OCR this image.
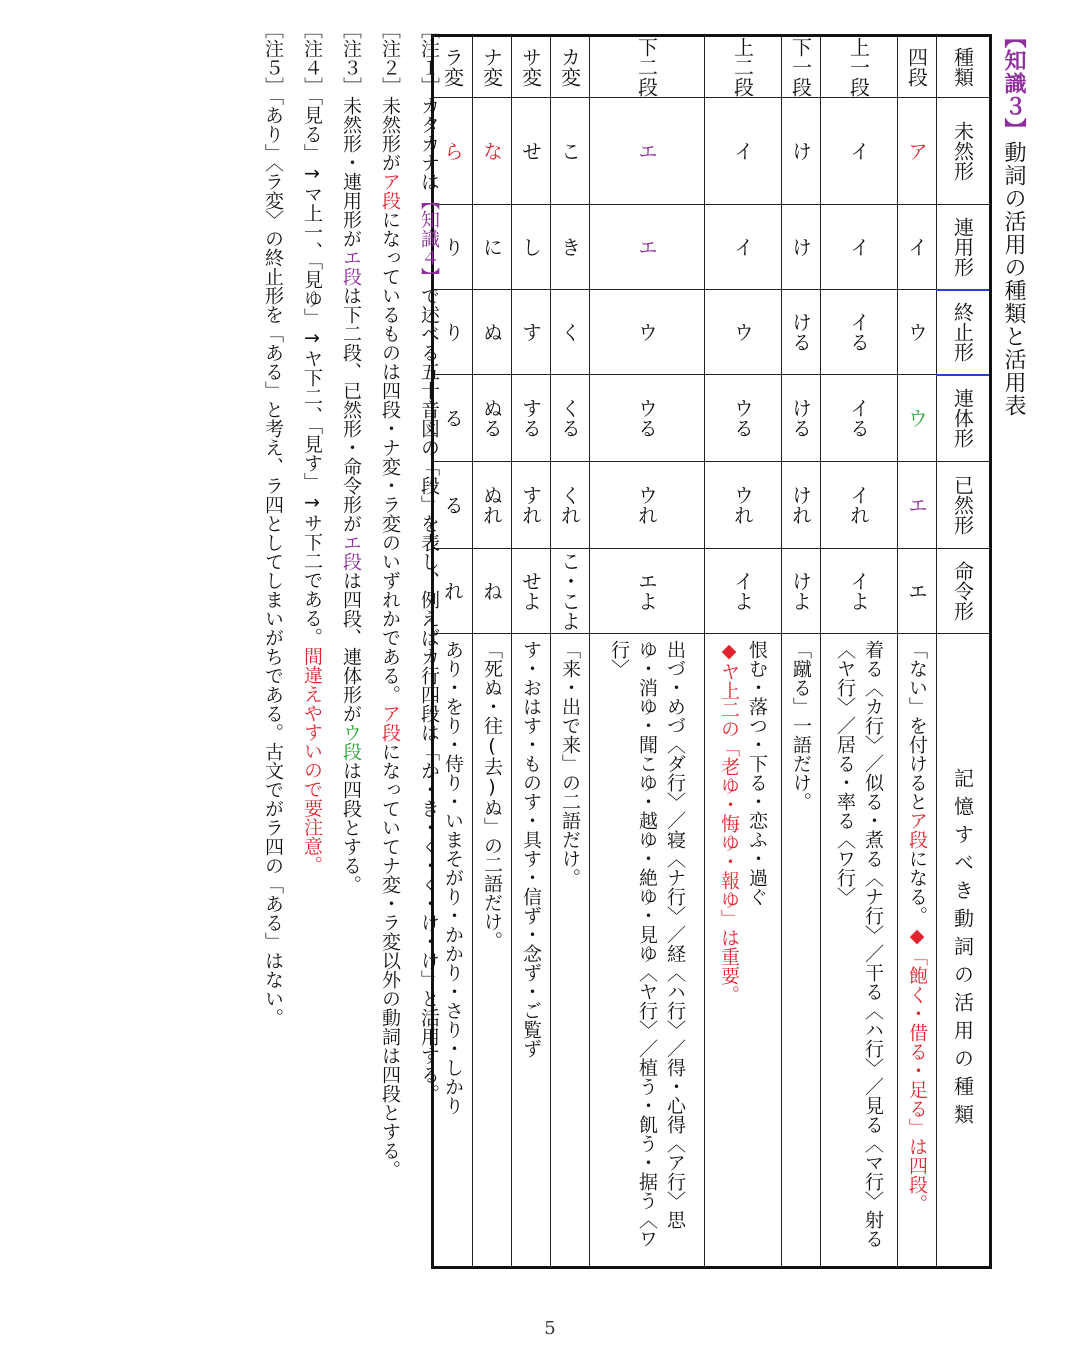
【知識３】動詞の活用の種類と活用表
種類	未然形	連用形	終止形	連体形	已然形	命令形	記憶すべき動詞の活用の種類
四段	ア	イ	ウ	ウ	エ	エ	「ない」を付けるとア段になる。◆「飽く・借る・足る」は四段。
上一段	イ	イ	イる	イる	イれ	イよ	着る〈カ行〉／似る・煮る〈ナ行〉／干る〈ハ行〉／見る〈マ行〉射る〈ヤ行〉／居る・率る〈ワ行〉
下一段	け	け	ける	ける	けれ	けよ	「蹴る」一語だけ。
上二段	イ	イ	ウ	ウる	ウれ	イよ	恨む・落つ・下る・恋ふ・過ぐ
◆ヤ上二の「老ゆ・悔ゆ・報ゆ」は重要。
下二段	エ	エ	ウ	ウる	ウれ	エよ	出づ・めづ〈ダ行〉／寝〈ナ行〉／経〈ハ行〉／得・心得〈ア行〉思ゆ・消ゆ・聞こゆ・越ゆ・絶ゆ・見ゆ〈ヤ行〉／植う・飢う・据う〈ワ行〉
カ変	こ	き	く	くる	くれ	こ・こよ	「来・出で来」の二語だけ。
サ変	せ	し	す	する	すれ	せよ	す・おはす・ものす・具す・信ず・念ず・ご覧ず
ナ変	な	に	ぬ	ぬる	ぬれ	ね	「死ぬ・往(去)ぬ」の二語だけ。
ラ変	ら	り	り	る	る	れ	あり・をり・侍り・いまそがり・かかり・さり・しかり

［注１］カタカナは【知識４】で述べる五十音図の「段」を表し、例えばカ行四段は「か・き・く・く・け・け」と活用する。

［注２］未然形がア段になっているものは四段・ナ変・ラ変のいずれかである。ア段になっていてナ変・ラ変以外の動詞は四段とする。

［注３］未然形・連用形がエ段は下二段、已然形・命令形がエ段は四段、連体形がウ段は四段とする。

［注４］「見る」→マ上一、「見ゆ」→ヤ下二、「見す」→サ下二である。間違えやすいので要注意。

［注５］「あり」〈ラ変〉の終止形を「ある」と考え、ラ四としてしまいがちである。古文でがラ四の「ある」はない。

5
